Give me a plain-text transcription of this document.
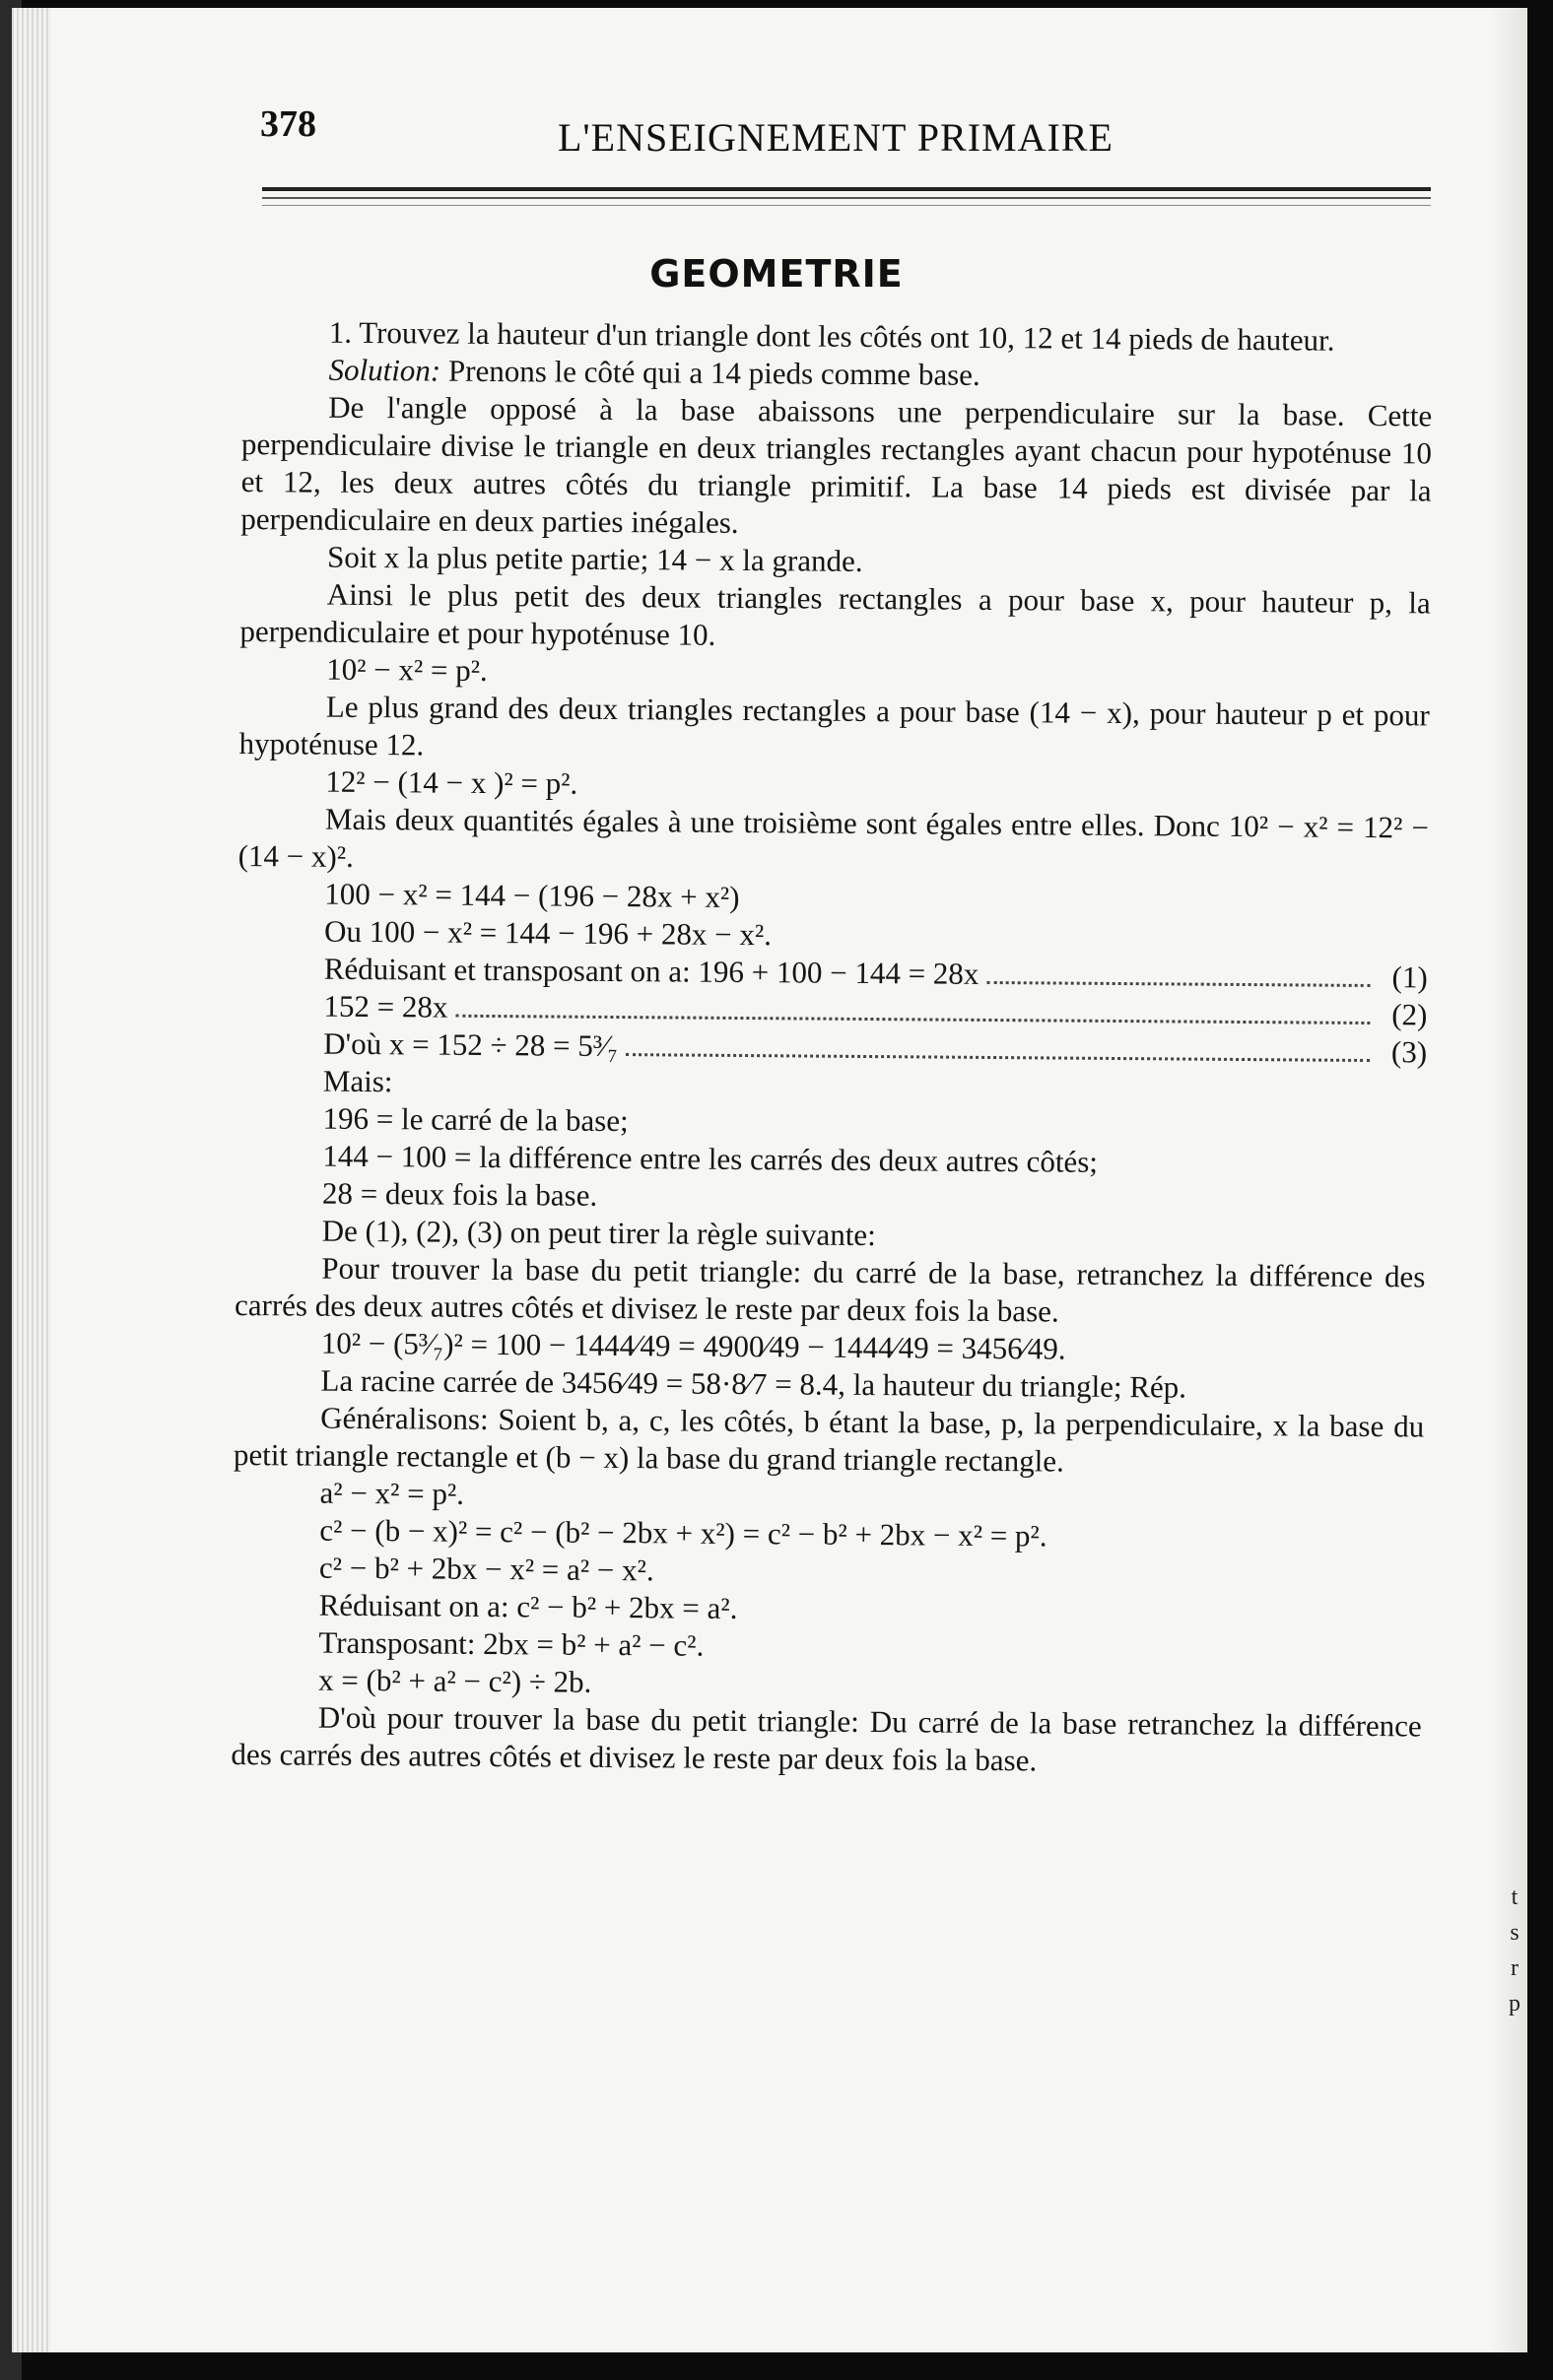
t
s
r
p
378	L'ENSEIGNEMENT PRIMAIRE
GEOMETRIE

1. Trouvez la hauteur d'un triangle dont les côtés ont 10, 12 et 14 pieds de hauteur.

Solution: Prenons le côté qui a 14 pieds comme base.

De l'angle opposé à la base abaissons une perpendiculaire sur la base. Cette perpendiculaire divise le triangle en deux triangles rectangles ayant chacun pour hypoténuse 10 et 12, les deux autres côtés du triangle primitif. La base 14 pieds est divisée par la perpendiculaire en deux parties inégales.

Soit x la plus petite partie; 14 − x la grande.

Ainsi le plus petit des deux triangles rectangles a pour base x, pour hauteur p, la perpendiculaire et pour hypoténuse 10.

10² − x² = p².

Le plus grand des deux triangles rectangles a pour base (14 − x), pour hauteur p et pour hypoténuse 12.

12² − (14 − x )² = p².

Mais deux quantités égales à une troisième sont égales entre elles. Donc 10² − x² = 12² − (14 − x)².

100 − x² = 144 − (196 − 28x + x²)

Ou 100 − x² = 144 − 196 + 28x − x².

Réduisant et transposant on a: 196 + 100 − 144 = 28x	(1)
152 = 28x	(2)
D'où x = 152 ÷ 28 = 5³⁄₇	(3)

Mais:

196 = le carré de la base;

144 − 100 = la différence entre les carrés des deux autres côtés;

28 = deux fois la base.

De (1), (2), (3) on peut tirer la règle suivante:

Pour trouver la base du petit triangle: du carré de la base, retranchez la différence des carrés des deux autres côtés et divisez le reste par deux fois la base.

10² − (5³⁄₇)² = 100 − 1444⁄49 = 4900⁄49 − 1444⁄49 = 3456⁄49.

La racine carrée de 3456⁄49 = 58·8⁄7 = 8.4, la hauteur du triangle; Rép.

Généralisons: Soient b, a, c, les côtés, b étant la base, p, la perpendiculaire, x la base du petit triangle rectangle et (b − x) la base du grand triangle rectangle.

a² − x² = p².

c² − (b − x)² = c² − (b² − 2bx + x²) = c² − b² + 2bx − x² = p².

c² − b² + 2bx − x² = a² − x².

Réduisant on a: c² − b² + 2bx = a².

Transposant: 2bx = b² + a² − c².

x = (b² + a² − c²) ÷ 2b.

D'où pour trouver la base du petit triangle: Du carré de la base retranchez la différence des carrés des autres côtés et divisez le reste par deux fois la base.
